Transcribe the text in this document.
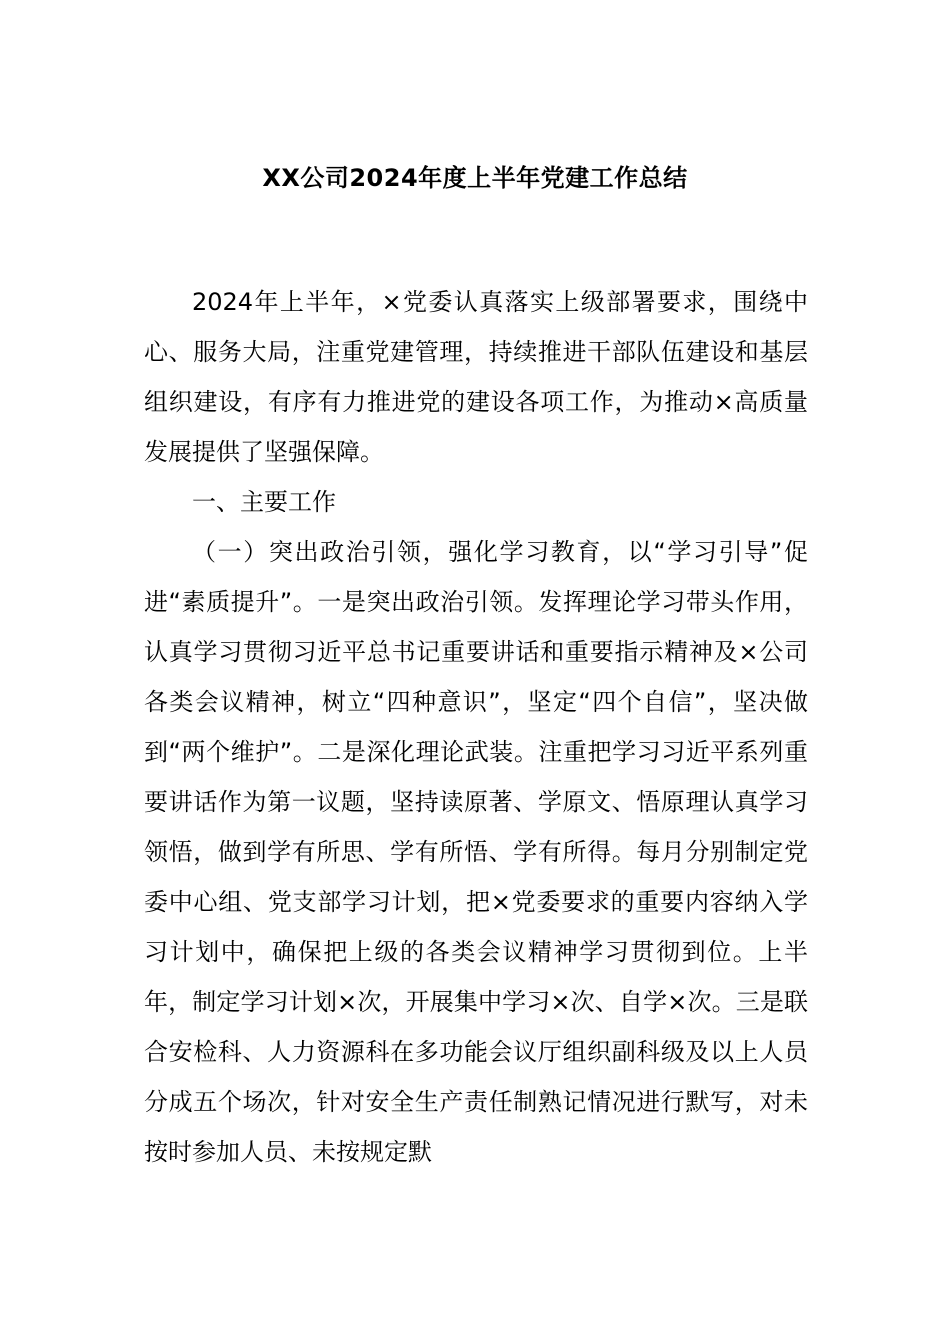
XX公司2024年度上半年党建工作总结

2024年上半年，×党委认真落实上级部署要求，围绕中心、服务大局，注重党建管理，持续推进干部队伍建设和基层组织建设，有序有力推进党的建设各项工作，为推动×高质量发展提供了坚强保障。

一、主要工作

（一）突出政治引领，强化学习教育，以“学习引导”促进“素质提升”。一是突出政治引领。发挥理论学习带头作用，认真学习贯彻习近平总书记重要讲话和重要指示精神及×公司各类会议精神，树立“四种意识”，坚定“四个自信”，坚决做到“两个维护”。二是深化理论武装。注重把学习习近平系列重要讲话作为第一议题，坚持读原著、学原文、悟原理认真学习领悟，做到学有所思、学有所悟、学有所得。每月分别制定党委中心组、党支部学习计划，把×党委要求的重要内容纳入学习计划中，确保把上级的各类会议精神学习贯彻到位。上半年，制定学习计划×次，开展集中学习×次、自学×次。三是联合安检科、人力资源科在多功能会议厅组织副科级及以上人员分成五个场次，针对安全生产责任制熟记情况进行默写，对未按时参加人员、未按规定默
